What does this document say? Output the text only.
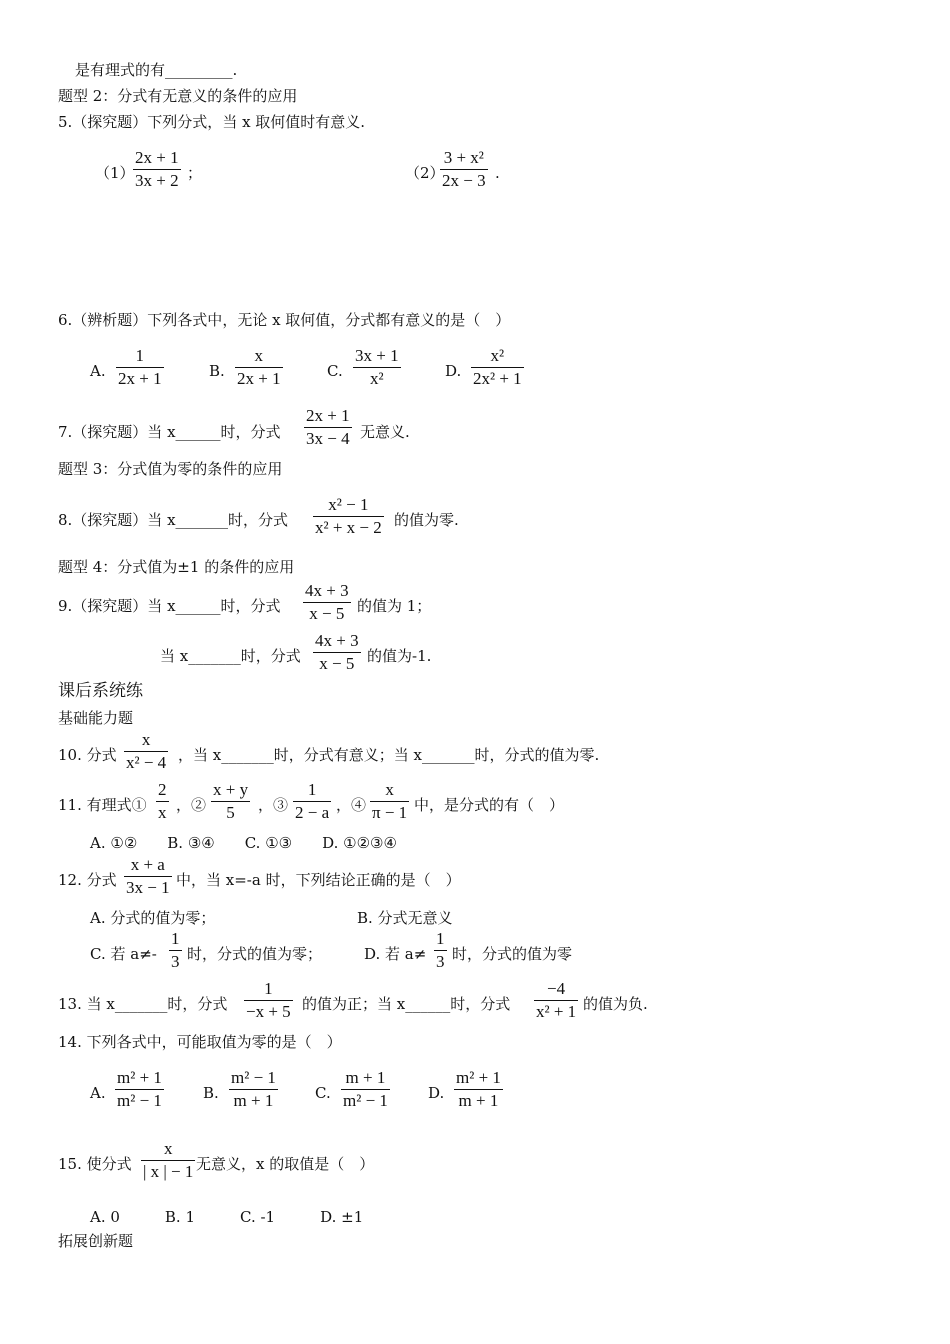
是有理式的有_________.
题型 2：分式有无意义的条件的应用
5.（探究题）下列分式，当 x 取何值时有意义.
（1）
2x + 1
3x + 2 ；	（2）
3 + x²
2x − 3 .
6.（辨析题）下列各式中，无论 x 取何值，分式都有意义的是（　）
A.
1
2x + 1	B.
x
2x + 1	C.
3x + 1
x²	D.
x²
2x² + 1
7.（探究题）当 x______时，分式
2x + 1
3x − 4 无意义.
题型 3：分式值为零的条件的应用
8.（探究题）当 x_______时，分式
x² − 1
x² + x − 2 的值为零.
题型 4：分式值为±1 的条件的应用
9.（探究题）当 x______时，分式
4x + 3
x − 5 的值为 1；
当 x_______时，分式
4x + 3
x − 5 的值为-1.
课后系统练
基础能力题
10. 分式
x
x² − 4 ，当 x_______时，分式有意义；当 x_______时，分式的值为零.
11. 有理式①
2
x ，②
x + y
5 ，③
1
2 − a ，④
x
π − 1 中，是分式的有（　）
A. ①②　　B. ③④　　C. ①③　　D. ①②③④
12. 分式
x + a
3x − 1 中，当 x=-a 时，下列结论正确的是（　）
A. 分式的值为零；	B. 分式无意义
C. 若 a≠-
1
3 时，分式的值为零；	D. 若 a≠
1
3 时，分式的值为零
13. 当 x_______时，分式
1
−x + 5 的值为正；当 x______时，分式
−4
x² + 1 的值为负.
14. 下列各式中，可能取值为零的是（　）
A.
m² + 1
m² − 1	B.
m² − 1
m + 1	C.
m + 1
m² − 1	D.
m² + 1
m + 1
15. 使分式
x
| x | − 1 无意义，x 的取值是（　）
A. 0　　　B. 1　　　C. -1　　　D. ±1
拓展创新题
